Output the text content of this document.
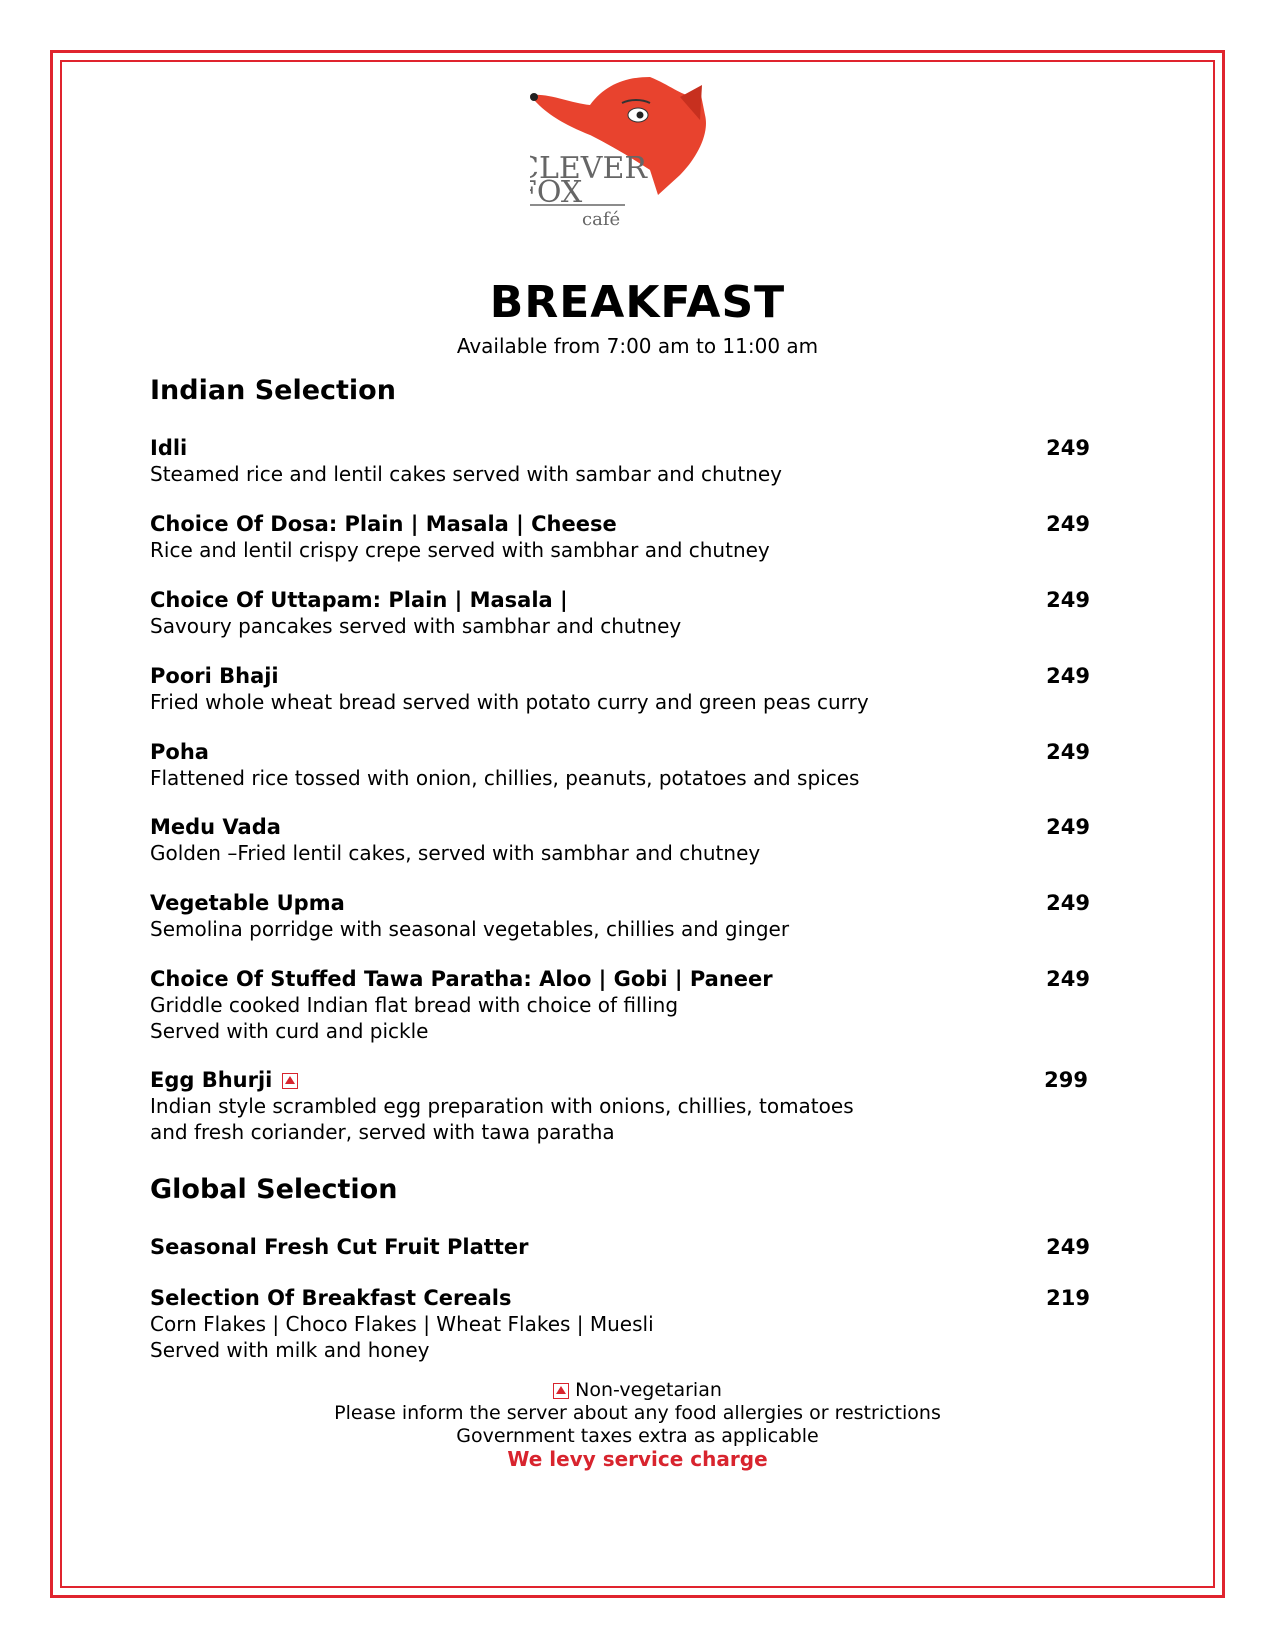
LEVER
OX
café
BREAKFAST
Available from 7:00 am to 11:00 am
Indian Selection
Idli	249
Steamed rice and lentil cakes served with sambar and chutney
Choice Of Dosa: Plain | Masala | Cheese	249
Rice and lentil crispy crepe served with sambhar and chutney
Choice Of Uttapam: Plain | Masala |	249
Savoury pancakes served with sambhar and chutney
Poori Bhaji	249
Fried whole wheat bread served with potato curry and green peas curry
Poha	249
Flattened rice tossed with onion, chillies, peanuts, potatoes and spices
Medu Vada	249
Golden –Fried lentil cakes, served with sambhar and chutney
Vegetable Upma	249
Semolina porridge with seasonal vegetables, chillies and ginger
Choice Of Stuffed Tawa Paratha: Aloo | Gobi | Paneer	249
Griddle cooked Indian flat bread with choice of filling
Served with curd and pickle
Egg Bhurji	299
Indian style scrambled egg preparation with onions, chillies, tomatoes
and fresh coriander, served with tawa paratha
Global Selection
Seasonal Fresh Cut Fruit Platter	249
Selection Of Breakfast Cereals	219
Corn Flakes | Choco Flakes | Wheat Flakes | Muesli
Served with milk and honey
Non-vegetarian
Please inform the server about any food allergies or restrictions
Government taxes extra as applicable
We levy service charge
